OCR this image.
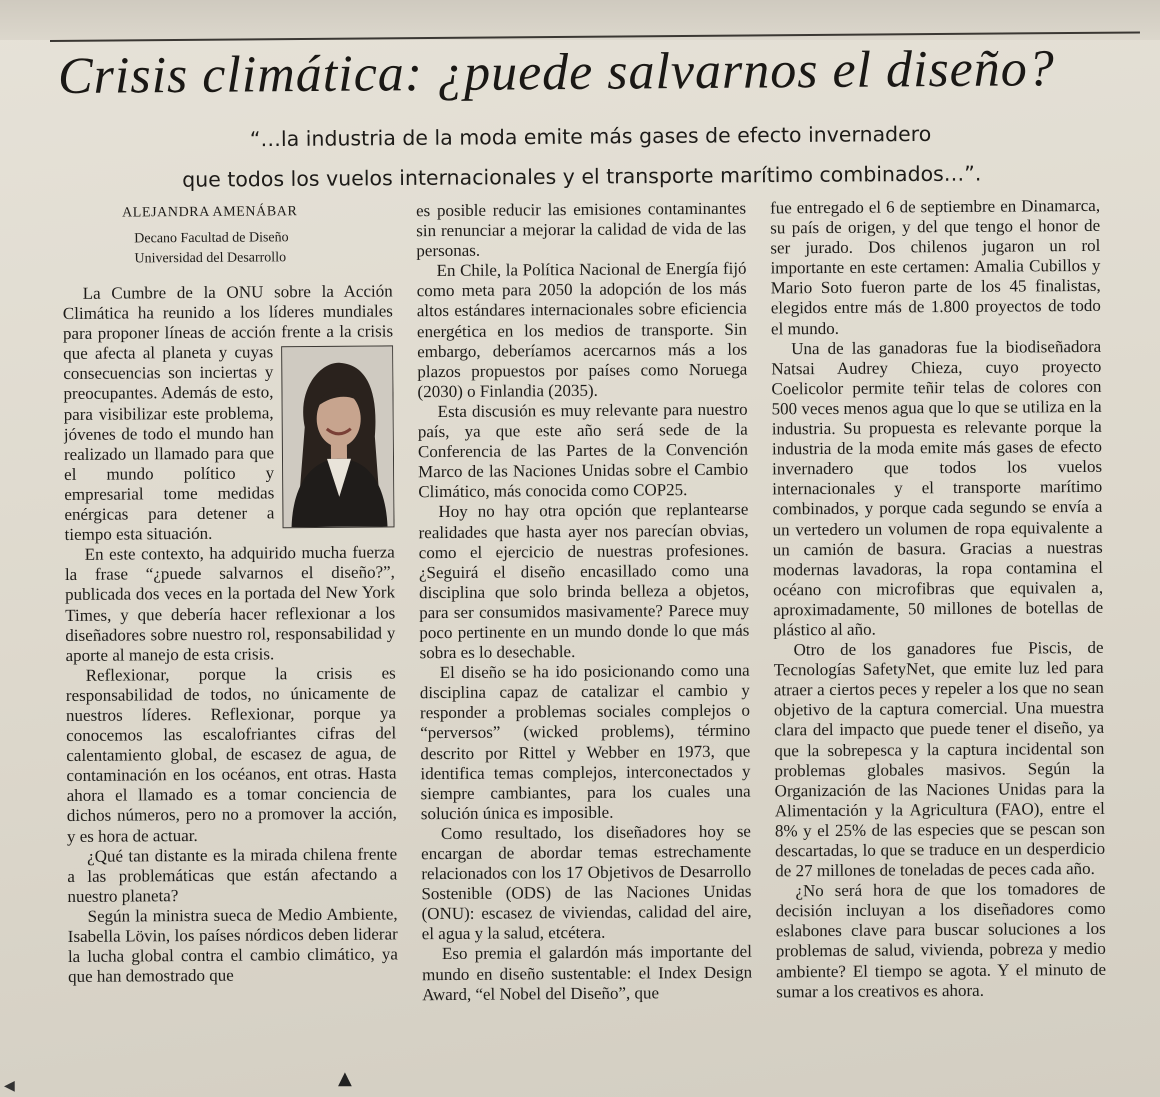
Crisis climática: ¿puede salvarnos el diseño?
“…la industria de la moda emite más gases de efecto invernadero
que todos los vuelos internacionales y el transporte marítimo combinados…”.
ALEJANDRA AMENÁBAR
Decano Facultad de Diseño
Universidad del Desarrollo

La Cumbre de la ONU sobre la Acción Climática ha reunido a los líderes mundiales para proponer líneas de acción frente a
la crisis que afecta al planeta y cuyas consecuencias son inciertas y preocupantes. Además de esto, para visibilizar este problema, jóvenes de todo el mundo han realizado un llamado para que el mundo político y empresarial tome medidas enérgicas para detener a tiempo esta situación.

En este contexto, ha adquirido mucha fuerza la frase “¿puede salvarnos el diseño?”, publicada dos veces en la portada del New York Times, y que debería hacer reflexionar a los diseñadores sobre nuestro rol, responsabilidad y aporte al manejo de esta crisis.

Reflexionar, porque la crisis es responsabilidad de todos, no únicamente de nuestros líderes. Reflexionar, porque ya conocemos las escalofriantes cifras del calentamiento global, de escasez de agua, de contaminación en los océanos, ent otras. Hasta ahora el llamado es a tomar conciencia de dichos números, pero no a promover la acción, y es hora de actuar.

¿Qué tan distante es la mirada chilena frente a las problemáticas que están afectando a nuestro planeta?

Según la ministra sueca de Medio Ambiente, Isabella Lövin, los países nórdicos deben liderar la lucha global contra el cambio climático, ya que han demostrado que

es posible reducir las emisiones contaminantes sin renunciar a mejorar la calidad de vida de las personas.

En Chile, la Política Nacional de Energía fijó como meta para 2050 la adopción de los más altos estándares internacionales sobre eficiencia energética en los medios de transporte. Sin embargo, deberíamos acercarnos más a los plazos propuestos por países como Noruega (2030) o Finlandia (2035).

Esta discusión es muy relevante para nuestro país, ya que este año será sede de la Conferencia de las Partes de la Convención Marco de las Naciones Unidas sobre el Cambio Climático, más conocida como COP25.

Hoy no hay otra opción que replantearse realidades que hasta ayer nos parecían obvias, como el ejercicio de nuestras profesiones. ¿Seguirá el diseño encasillado como una disciplina que solo brinda belleza a objetos, para ser consumidos masivamente? Parece muy poco pertinente en un mundo donde lo que más sobra es lo desechable.

El diseño se ha ido posicionando como una disciplina capaz de catalizar el cambio y responder a problemas sociales complejos o “perversos” (wicked problems), término descrito por Rittel y Webber en 1973, que identifica temas complejos, interconectados y siempre cambiantes, para los cuales una solución única es imposible.

Como resultado, los diseñadores hoy se encargan de abordar temas estrechamente relacionados con los 17 Objetivos de Desarrollo Sostenible (ODS) de las Naciones Unidas (ONU): escasez de viviendas, calidad del aire, el agua y la salud, etcétera.

Eso premia el galardón más importante del mundo en diseño sustentable: el Index Design Award, “el Nobel del Diseño”, que

fue entregado el 6 de septiembre en Dinamarca, su país de origen, y del que tengo el honor de ser jurado. Dos chilenos jugaron un rol importante en este certamen: Amalia Cubillos y Mario Soto fueron parte de los 45 finalistas, elegidos entre más de 1.800 proyectos de todo el mundo.

Una de las ganadoras fue la biodiseñadora Natsai Audrey Chieza, cuyo proyecto Coelicolor permite teñir telas de colores con 500 veces menos agua que lo que se utiliza en la industria. Su propuesta es relevante porque la industria de la moda emite más gases de efecto invernadero que todos los vuelos internacionales y el transporte marítimo combinados, y porque cada segundo se envía a un vertedero un volumen de ropa equivalente a un camión de basura. Gracias a nuestras modernas lavadoras, la ropa contamina el océano con microfibras que equivalen a, aproximadamente, 50 millones de botellas de plástico al año.

Otro de los ganadores fue Piscis, de Tecnologías SafetyNet, que emite luz led para atraer a ciertos peces y repeler a los que no sean objetivo de la captura comercial. Una muestra clara del impacto que puede tener el diseño, ya que la sobrepesca y la captura incidental son problemas globales masivos. Según la Organización de las Naciones Unidas para la Alimentación y la Agricultura (FAO), entre el 8% y el 25% de las especies que se pescan son descartadas, lo que se traduce en un desperdicio de 27 millones de toneladas de peces cada año.

¿No será hora de que los tomadores de decisión incluyan a los diseñadores como eslabones clave para buscar soluciones a los problemas de salud, vivienda, pobreza y medio ambiente? El tiempo se agota. Y el minuto de sumar a los creativos es ahora.

▲
◀
